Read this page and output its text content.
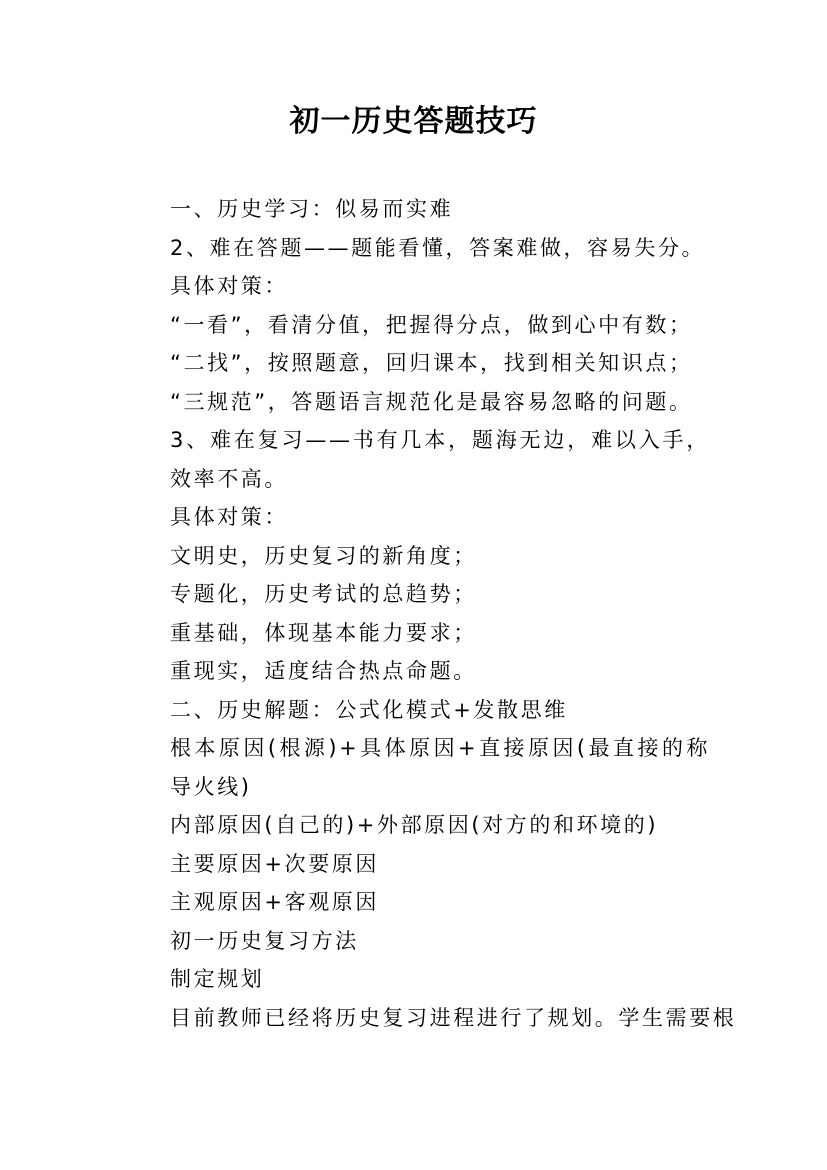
初一历史答题技巧

一、历史学习：似易而实难

2、难在答题——题能看懂，答案难做，容易失分。

具体对策：

“一看”，看清分值，把握得分点，做到心中有数；

“二找”，按照题意，回归课本，找到相关知识点；

“三规范”，答题语言规范化是最容易忽略的问题。

3、难在复习——书有几本，题海无边，难以入手，效率不高。

具体对策：

文明史，历史复习的新角度；

专题化，历史考试的总趋势；

重基础，体现基本能力要求；

重现实，适度结合热点命题。

二、历史解题：公式化模式+发散思维

根本原因(根源)+具体原因+直接原因(最直接的称导火线)

内部原因(自己的)+外部原因(对方的和环境的)

主要原因+次要原因

主观原因+客观原因

初一历史复习方法

制定规划

目前教师已经将历史复习进程进行了规划。学生需要根
